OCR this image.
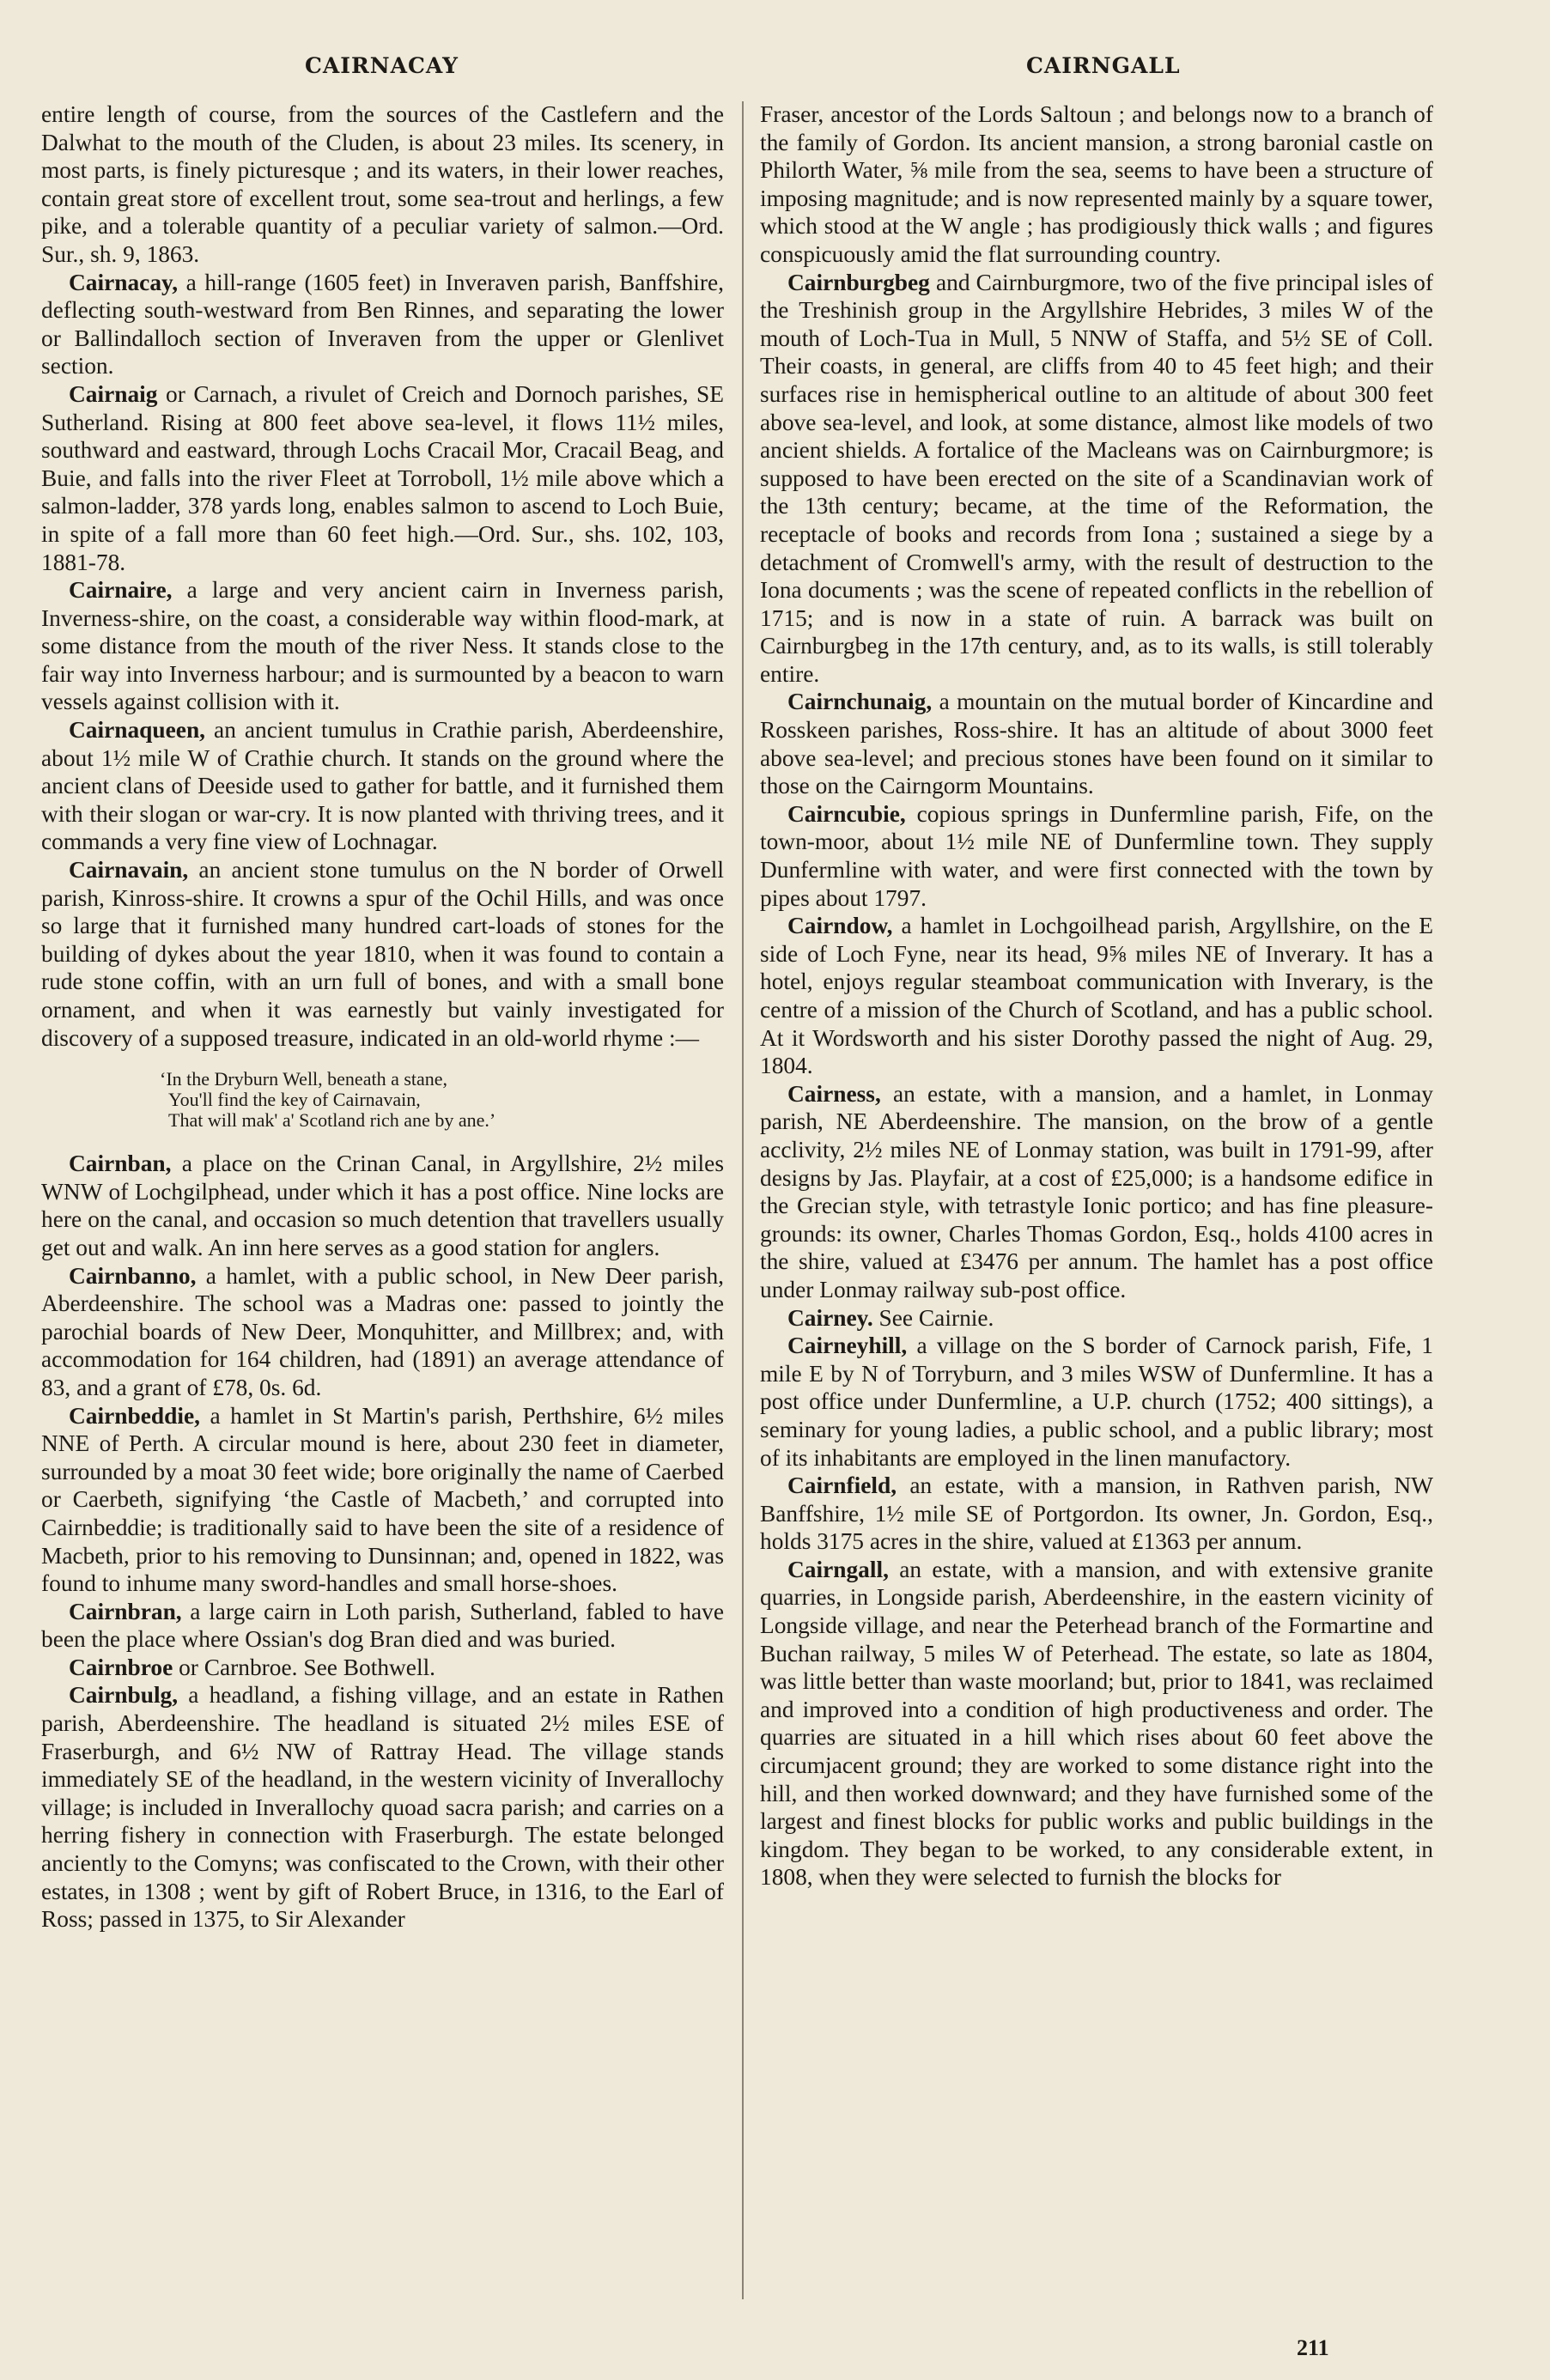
CAIRNACAY	CAIRNGALL

entire length of course, from the sources of the Castlefern and the Dalwhat to the mouth of the Cluden, is about 23 miles. Its scenery, in most parts, is finely picturesque ; and its waters, in their lower reaches, contain great store of excellent trout, some sea-trout and herlings, a few pike, and a tolerable quantity of a peculiar variety of salmon.—Ord. Sur., sh. 9, 1863.

Cairnacay, a hill-range (1605 feet) in Inveraven parish, Banffshire, deflecting south-westward from Ben Rinnes, and separating the lower or Ballindalloch section of Inveraven from the upper or Glenlivet section.

Cairnaig or Carnach, a rivulet of Creich and Dornoch parishes, SE Sutherland. Rising at 800 feet above sea-level, it flows 11½ miles, southward and eastward, through Lochs Cracail Mor, Cracail Beag, and Buie, and falls into the river Fleet at Torroboll, 1½ mile above which a salmon-ladder, 378 yards long, enables salmon to ascend to Loch Buie, in spite of a fall more than 60 feet high.—Ord. Sur., shs. 102, 103, 1881-78.

Cairnaire, a large and very ancient cairn in Inverness parish, Inverness-shire, on the coast, a considerable way within flood-mark, at some distance from the mouth of the river Ness. It stands close to the fair way into Inverness harbour; and is surmounted by a beacon to warn vessels against collision with it.

Cairnaqueen, an ancient tumulus in Crathie parish, Aberdeenshire, about 1½ mile W of Crathie church. It stands on the ground where the ancient clans of Deeside used to gather for battle, and it furnished them with their slogan or war-cry. It is now planted with thriving trees, and it commands a very fine view of Lochnagar.

Cairnavain, an ancient stone tumulus on the N border of Orwell parish, Kinross-shire. It crowns a spur of the Ochil Hills, and was once so large that it furnished many hundred cart-loads of stones for the building of dykes about the year 1810, when it was found to contain a rude stone coffin, with an urn full of bones, and with a small bone ornament, and when it was earnestly but vainly investigated for discovery of a supposed treasure, indicated in an old-world rhyme :—

‘In the Dryburn Well, beneath a stane,
You'll find the key of Cairnavain,
That will mak' a' Scotland rich ane by ane.’

Cairnban, a place on the Crinan Canal, in Argyllshire, 2½ miles WNW of Lochgilphead, under which it has a post office. Nine locks are here on the canal, and occasion so much detention that travellers usually get out and walk. An inn here serves as a good station for anglers.

Cairnbanno, a hamlet, with a public school, in New Deer parish, Aberdeenshire. The school was a Madras one: passed to jointly the parochial boards of New Deer, Monquhitter, and Millbrex; and, with accommodation for 164 children, had (1891) an average attendance of 83, and a grant of £78, 0s. 6d.

Cairnbeddie, a hamlet in St Martin's parish, Perthshire, 6½ miles NNE of Perth. A circular mound is here, about 230 feet in diameter, surrounded by a moat 30 feet wide; bore originally the name of Caerbed or Caerbeth, signifying ‘the Castle of Macbeth,’ and corrupted into Cairnbeddie; is traditionally said to have been the site of a residence of Macbeth, prior to his removing to Dunsinnan; and, opened in 1822, was found to inhume many sword-handles and small horse-shoes.

Cairnbran, a large cairn in Loth parish, Sutherland, fabled to have been the place where Ossian's dog Bran died and was buried.

Cairnbroe or Carnbroe. See Bothwell.

Cairnbulg, a headland, a fishing village, and an estate in Rathen parish, Aberdeenshire. The headland is situated 2½ miles ESE of Fraserburgh, and 6½ NW of Rattray Head. The village stands immediately SE of the headland, in the western vicinity of Inverallochy village; is included in Inverallochy quoad sacra parish; and carries on a herring fishery in connection with Fraserburgh. The estate belonged anciently to the Comyns; was confiscated to the Crown, with their other estates, in 1308 ; went by gift of Robert Bruce, in 1316, to the Earl of Ross; passed in 1375, to Sir Alexander

Fraser, ancestor of the Lords Saltoun ; and belongs now to a branch of the family of Gordon. Its ancient mansion, a strong baronial castle on Philorth Water, ⅝ mile from the sea, seems to have been a structure of imposing magnitude; and is now represented mainly by a square tower, which stood at the W angle ; has prodigiously thick walls ; and figures conspicuously amid the flat surrounding country.

Cairnburgbeg and Cairnburgmore, two of the five principal isles of the Treshinish group in the Argyllshire Hebrides, 3 miles W of the mouth of Loch-Tua in Mull, 5 NNW of Staffa, and 5½ SE of Coll. Their coasts, in general, are cliffs from 40 to 45 feet high; and their surfaces rise in hemispherical outline to an altitude of about 300 feet above sea-level, and look, at some distance, almost like models of two ancient shields. A fortalice of the Macleans was on Cairnburgmore; is supposed to have been erected on the site of a Scandinavian work of the 13th century; became, at the time of the Reformation, the receptacle of books and records from Iona ; sustained a siege by a detachment of Cromwell's army, with the result of destruction to the Iona documents ; was the scene of repeated conflicts in the rebellion of 1715; and is now in a state of ruin. A barrack was built on Cairnburgbeg in the 17th century, and, as to its walls, is still tolerably entire.

Cairnchunaig, a mountain on the mutual border of Kincardine and Rosskeen parishes, Ross-shire. It has an altitude of about 3000 feet above sea-level; and precious stones have been found on it similar to those on the Cairngorm Mountains.

Cairncubie, copious springs in Dunfermline parish, Fife, on the town-moor, about 1½ mile NE of Dunfermline town. They supply Dunfermline with water, and were first connected with the town by pipes about 1797.

Cairndow, a hamlet in Lochgoilhead parish, Argyllshire, on the E side of Loch Fyne, near its head, 9⅝ miles NE of Inverary. It has a hotel, enjoys regular steamboat communication with Inverary, is the centre of a mission of the Church of Scotland, and has a public school. At it Wordsworth and his sister Dorothy passed the night of Aug. 29, 1804.

Cairness, an estate, with a mansion, and a hamlet, in Lonmay parish, NE Aberdeenshire. The mansion, on the brow of a gentle acclivity, 2½ miles NE of Lonmay station, was built in 1791-99, after designs by Jas. Playfair, at a cost of £25,000; is a handsome edifice in the Grecian style, with tetrastyle Ionic portico; and has fine pleasure-grounds: its owner, Charles Thomas Gordon, Esq., holds 4100 acres in the shire, valued at £3476 per annum. The hamlet has a post office under Lonmay railway sub-post office.

Cairney. See Cairnie.

Cairneyhill, a village on the S border of Carnock parish, Fife, 1 mile E by N of Torryburn, and 3 miles WSW of Dunfermline. It has a post office under Dunfermline, a U.P. church (1752; 400 sittings), a seminary for young ladies, a public school, and a public library; most of its inhabitants are employed in the linen manufactory.

Cairnfield, an estate, with a mansion, in Rathven parish, NW Banffshire, 1½ mile SE of Portgordon. Its owner, Jn. Gordon, Esq., holds 3175 acres in the shire, valued at £1363 per annum.

Cairngall, an estate, with a mansion, and with extensive granite quarries, in Longside parish, Aberdeenshire, in the eastern vicinity of Longside village, and near the Peterhead branch of the Formartine and Buchan railway, 5 miles W of Peterhead. The estate, so late as 1804, was little better than waste moorland; but, prior to 1841, was reclaimed and improved into a condition of high productiveness and order. The quarries are situated in a hill which rises about 60 feet above the circumjacent ground; they are worked to some distance right into the hill, and then worked downward; and they have furnished some of the largest and finest blocks for public works and public buildings in the kingdom. They began to be worked, to any considerable extent, in 1808, when they were selected to furnish the blocks for

211
